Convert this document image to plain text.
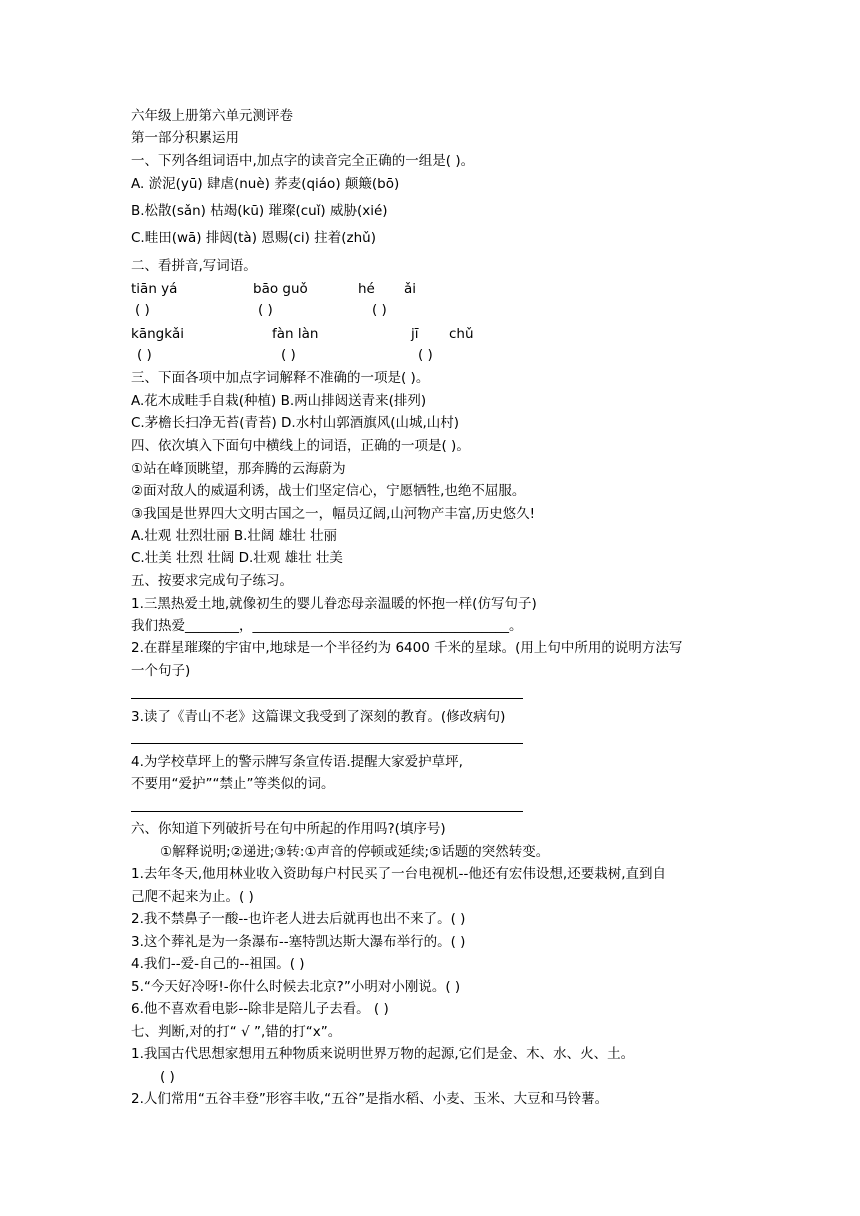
六年级上册第六单元测评卷
第一部分积累运用
一、下列各组词语中,加点字的读音完全正确的一组是( )。
A. 淤泥(yū) 肆虐(nuè) 荞麦(qiáo) 颠簸(bō)
B.松散(sǎn) 枯竭(kū) 璀璨(cuǐ) 威胁(xié)
C.畦田(wā) 排闼(tà) 恩赐(ci) 拄着(zhǔ)
二、看拼音,写词语。
tiān yá	bāo guǒ	hé ǎi
( )	( )	( )
kāngkǎi	fàn làn	jī chǔ
( )	( )	( )
三、下面各项中加点字词解释不准确的一项是( )。
A.花木成畦手自栽(种植) B.两山排闼送青来(排列)
C.茅檐长扫净无苔(青苔) D.水村山郭酒旗风(山城,山村)
四、依次填入下面句中横线上的词语，正确的一项是( )。
①站在峰顶眺望，那奔腾的云海蔚为
②面对敌人的威逼利诱，战士们坚定信心，宁愿牺牲,也绝不屈服。
③我国是世界四大文明古国之一，幅员辽阔,山河物产丰富,历史悠久!
A.壮观 壮烈壮丽 B.壮阔 雄壮 壮丽
C.壮美 壮烈 壮阔 D.壮观 雄壮 壮美
五、按要求完成句子练习。
1.三黑热爱土地,就像初生的婴儿眷恋母亲温暖的怀抱一样(仿写句子)
我们热爱________，______________________________________。
2.在群星璀璨的宇宙中,地球是一个半径约为 6400 千米的星球。(用上句中所用的说明方法写
一个句子)
3.读了《青山不老》这篇课文我受到了深刻的教育。(修改病句)
4.为学校草坪上的警示牌写条宣传语.提醒大家爱护草坪,
不要用“爱护”“禁止”等类似的词。
六、你知道下列破折号在句中所起的作用吗?(填序号)
①解释说明;②递进;③转:①声音的停顿或延续;⑤话题的突然转变。
1.去年冬天,他用林业收入资助每户村民买了一台电视机--他还有宏伟设想,还要栽树,直到自
己爬不起来为止。( )
2.我不禁鼻子一酸--也许老人进去后就再也出不来了。( )
3.这个葬礼是为一条瀑布--塞特凯达斯大瀑布举行的。( )
4.我们--爱-自己的--祖国。( )
5.“今天好冷呀!-你什么时候去北京?”小明对小刚说。( )
6.他不喜欢看电影--除非是陪儿子去看。 ( )
七、判断,对的打“ √ ”,错的打“x”。
1.我国古代思想家想用五种物质来说明世界万物的起源,它们是金、木、水、火、土。
( )
2.人们常用“五谷丰登”形容丰收,“五谷”是指水稻、小麦、玉米、大豆和马铃薯。
